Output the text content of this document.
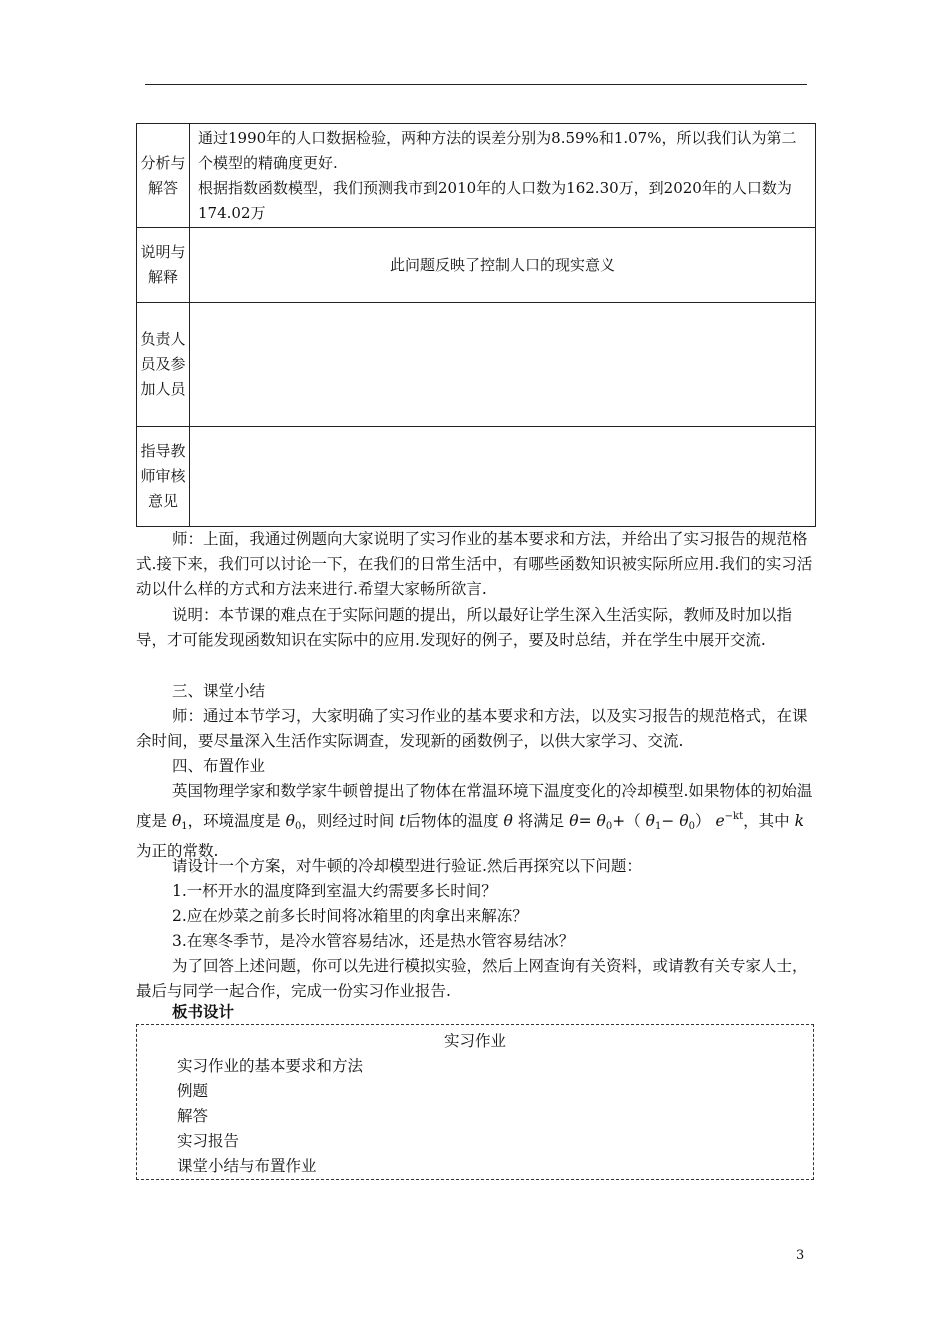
分析与解答	通过1990年的人口数据检验，两种方法的误差分别为8.59%和1.07%，所以我们认为第二个模型的精确度更好.
根据指数函数模型，我们预测我市到2010年的人口数为162.30万，到2020年的人口数为174.02万

说明与解释	此问题反映了控制人口的现实意义
负责人员及参加人员	
指导教师审核意见	

师：上面，我通过例题向大家说明了实习作业的基本要求和方法，并给出了实习报告的规范格式.接下来，我们可以讨论一下，在我们的日常生活中，有哪些函数知识被实际所应用.我们的实习活动以什么样的方式和方法来进行.希望大家畅所欲言.

说明：本节课的难点在于实际问题的提出，所以最好让学生深入生活实际，教师及时加以指导，才可能发现函数知识在实际中的应用.发现好的例子，要及时总结，并在学生中展开交流.

三、课堂小结

师：通过本节学习，大家明确了实习作业的基本要求和方法，以及实习报告的规范格式，在课余时间，要尽量深入生活作实际调查，发现新的函数例子，以供大家学习、交流.

四、布置作业

英国物理学家和数学家牛顿曾提出了物体在常温环境下温度变化的冷却模型.如果物体的初始温度是 $\theta_1$，环境温度是 $\theta_0$，则经过时间 t后物体的温度 θ 将满足 $\theta= \theta_0+$（ $\theta_1- \theta_0$） $e^{-kt}$，其中 k为正的常数.

请设计一个方案，对牛顿的冷却模型进行验证.然后再探究以下问题：

1.一杯开水的温度降到室温大约需要多长时间？

2.应在炒菜之前多长时间将冰箱里的肉拿出来解冻？

3.在寒冬季节，是冷水管容易结冰，还是热水管容易结冰？

为了回答上述问题，你可以先进行模拟实验，然后上网查询有关资料，或请教有关专家人士，最后与同学一起合作，完成一份实习作业报告.

板书设计

实习作业
实习作业的基本要求和方法
例题
解答
实习报告
课堂小结与布置作业
3
